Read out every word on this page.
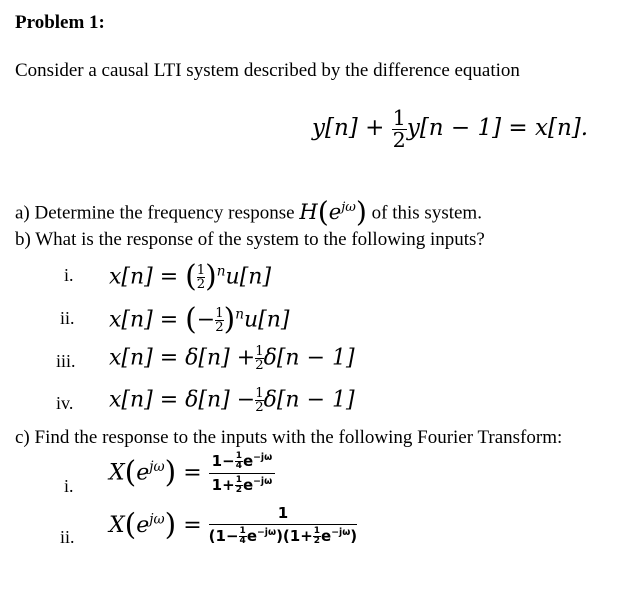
Problem 1:
Consider a causal LTI system described by the difference equation
$y[n] + \frac{1}{2} y[n - 1] = x[n]$.
a) Determine the frequency response $H(e^{j\omega})$ of this system.
b) What is the response of the system to the following inputs?
i. x[n] = ( $\frac{1}{2} )^nu[n]$
ii. x[n] = (− $\frac{1}{2} )^nu[n]$
iii. $x[n] = \delta[n] + \frac{1}{2} \delta[n - 1]$
iv. $x[n] = \delta[n] - \frac{1}{2} \delta[n - 1]$
c) Find the response to the inputs with the following Fourier Transform:
i.
$X(e^{j\omega}) = \frac{1- \frac{1}{4} e^{-j\omega}}{1+ \frac{1}{2} e^{-j\omega}}$
ii. $X(e^{j\omega}) = \frac{1}{(1- \frac{1}{4} e^{-j\omega})(1+ \frac{1}{2} e^{-j\omega})}$
